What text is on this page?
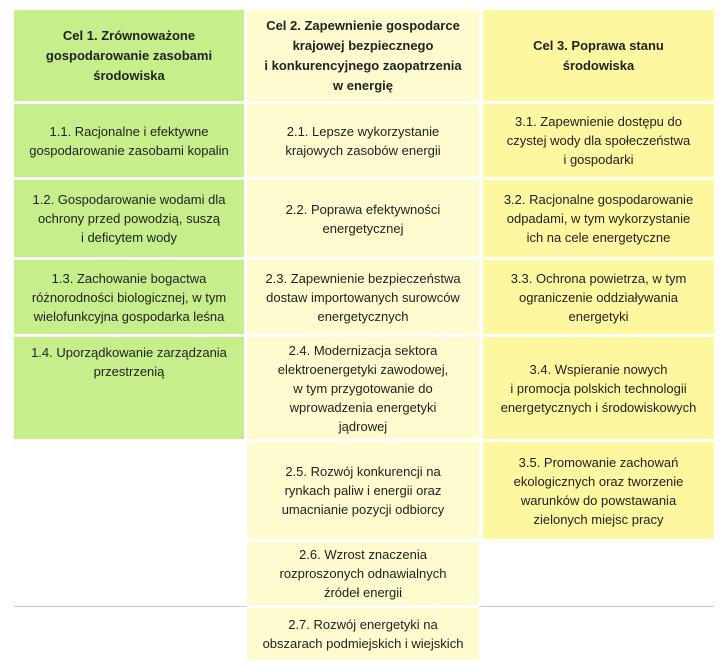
Cel 1. Zrównoważone
gospodarowanie zasobami
środowiska
1.1. Racjonalne i efektywne
gospodarowanie zasobami kopalin
1.2. Gospodarowanie wodami dla
ochrony przed powodzią, suszą
i deficytem wody
1.3. Zachowanie bogactwa
różnorodności biologicznej, w tym
wielofunkcyjna gospodarka leśna
1.4. Uporządkowanie zarządzania
przestrzenią
Cel 2. Zapewnienie gospodarce
krajowej bezpiecznego
i konkurencyjnego zaopatrzenia
w energię
2.1. Lepsze wykorzystanie
krajowych zasobów energii
2.2. Poprawa efektywności
energetycznej
2.3. Zapewnienie bezpieczeństwa
dostaw importowanych surowców
energetycznych
2.4. Modernizacja sektora
elektroenergetyki zawodowej,
w tym przygotowanie do
wprowadzenia energetyki
jądrowej
2.5. Rozwój konkurencji na
rynkach paliw i energii oraz
umacnianie pozycji odbiorcy
2.6. Wzrost znaczenia
rozproszonych odnawialnych
źródeł energii
2.7. Rozwój energetyki na
obszarach podmiejskich i wiejskich
Cel 3. Poprawa stanu
środowiska
3.1. Zapewnienie dostępu do
czystej wody dla społeczeństwa
i gospodarki
3.2. Racjonalne gospodarowanie
odpadami, w tym wykorzystanie
ich na cele energetyczne
3.3. Ochrona powietrza, w tym
ograniczenie oddziaływania
energetyki
3.4. Wspieranie nowych
i promocja polskich technologii
energetycznych i środowiskowych
3.5. Promowanie zachowań
ekologicznych oraz tworzenie
warunków do powstawania
zielonych miejsc pracy
